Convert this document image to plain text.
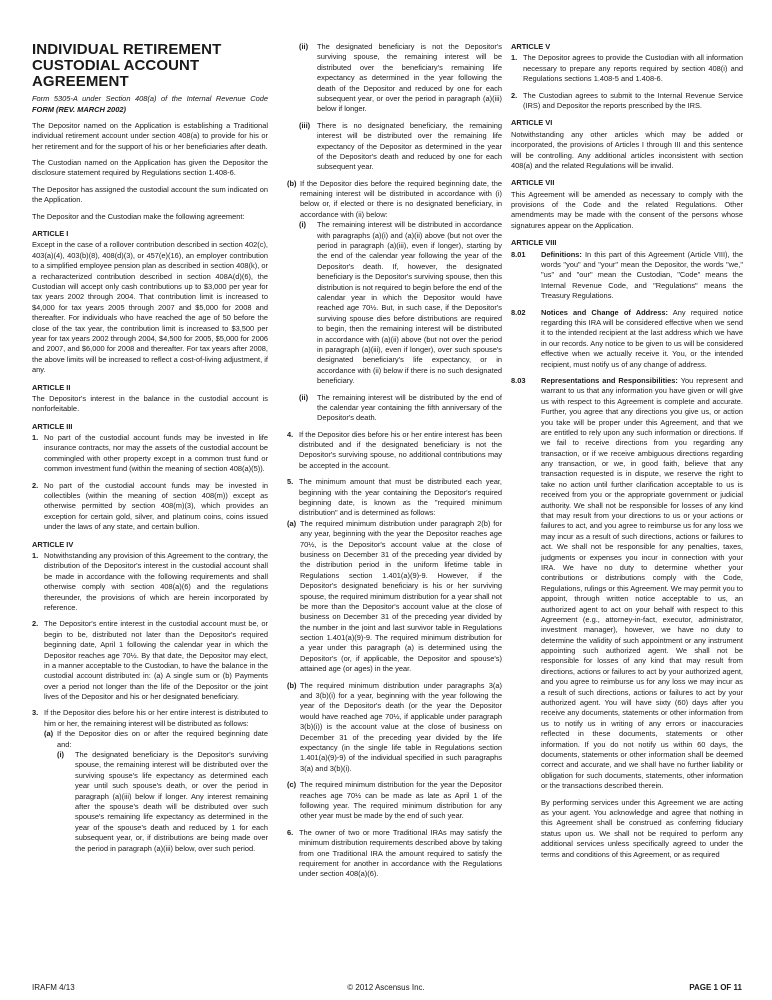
INDIVIDUAL RETIREMENT
CUSTODIAL ACCOUNT
AGREEMENT

Form 5305-A under Section 408(a) of the Internal Revenue Code FORM (REV. MARCH 2002)

The Depositor named on the Application is establishing a Traditional individual retirement account under section 408(a) to provide for his or her retirement and for the support of his or her beneficiaries after death.

The Custodian named on the Application has given the Depositor the disclosure statement required by Regulations section 1.408-6.

The Depositor has assigned the custodial account the sum indicated on the Application.

The Depositor and the Custodian make the following agreement:

ARTICLE I

Except in the case of a rollover contribution described in section 402(c), 403(a)(4), 403(b)(8), 408(d)(3), or 457(e)(16), an employer contribution to a simplified employee pension plan as described in section 408(k), or a recharacterized contribution described in section 408A(d)(6), the Custodian will accept only cash contributions up to $3,000 per year for tax years 2002 through 2004. That contribution limit is increased to $4,000 for tax years 2005 through 2007 and $5,000 for 2008 and thereafter. For individuals who have reached the age of 50 before the close of the tax year, the contribution limit is increased to $3,500 per year for tax years 2002 through 2004, $4,500 for 2005, $5,000 for 2006 and 2007, and $6,000 for 2008 and thereafter. For tax years after 2008, the above limits will be increased to reflect a cost-of-living adjustment, if any.

ARTICLE II

The Depositor's interest in the balance in the custodial account is nonforfeitable.

ARTICLE III
1. No part of the custodial account funds may be invested in life insurance contracts, nor may the assets of the custodial account be commingled with other property except in a common trust fund or common investment fund (within the meaning of section 408(a)(5)).
2. No part of the custodial account funds may be invested in collectibles (within the meaning of section 408(m)) except as otherwise permitted by section 408(m)(3), which provides an exception for certain gold, silver, and platinum coins, coins issued under the laws of any state, and certain bullion.
ARTICLE IV
1. Notwithstanding any provision of this Agreement to the contrary, the distribution of the Depositor's interest in the custodial account shall be made in accordance with the following requirements and shall otherwise comply with section 408(a)(6) and the regulations thereunder, the provisions of which are herein incorporated by reference.
2. The Depositor's entire interest in the custodial account must be, or begin to be, distributed not later than the Depositor's required beginning date, April 1 following the calendar year in which the Depositor reaches age 70½. By that date, the Depositor may elect, in a manner acceptable to the Custodian, to have the balance in the custodial account distributed in: (a) A single sum or (b) Payments over a period not longer than the life of the Depositor or the joint lives of the Depositor and his or her designated beneficiary.
3. If the Depositor dies before his or her entire interest is distributed to him or her, the remaining interest will be distributed as follows:
(a) If the Depositor dies on or after the required beginning date and:
(i)	The designated beneficiary is the Depositor's surviving spouse, the remaining interest will be distributed over the surviving spouse's life expectancy as determined each year until such spouse's death, or over the period in paragraph (a)(iii) below if longer. Any interest remaining after the spouse's death will be distributed over such spouse's remaining life expectancy as determined in the year of the spouse's death and reduced by 1 for each subsequent year, or, if distributions are being made over the period in paragraph (a)(iii) below, over such period.
(ii)	The designated beneficiary is not the Depositor's surviving spouse, the remaining interest will be distributed over the beneficiary's remaining life expectancy as determined in the year following the death of the Depositor and reduced by one for each subsequent year, or over the period in paragraph (a)(iii) below if longer.
(iii) There is no designated beneficiary, the remaining interest will be distributed over the remaining life expectancy of the Depositor as determined in the year of the Depositor's death and reduced by one for each subsequent year.
(b) If the Depositor dies before the required beginning date, the remaining interest will be distributed in accordance with (i) below or, if elected or there is no designated beneficiary, in accordance with (ii) below:
(i)	The remaining interest will be distributed in accordance with paragraphs (a)(i) and (a)(ii) above (but not over the period in paragraph (a)(iii), even if longer), starting by the end of the calendar year following the year of the Depositor's death. If, however, the designated beneficiary is the Depositor's surviving spouse, then this distribution is not required to begin before the end of the calendar year in which the Depositor would have reached age 70½. But, in such case, if the Depositor's surviving spouse dies before distributions are required to begin, then the remaining interest will be distributed in accordance with (a)(ii) above (but not over the period in paragraph (a)(iii), even if longer), over such spouse's designated beneficiary's life expectancy, or in accordance with (ii) below if there is no such designated beneficiary.
(ii)	The remaining interest will be distributed by the end of the calendar year containing the fifth anniversary of the Depositor's death.
4. If the Depositor dies before his or her entire interest has been distributed and if the designated beneficiary is not the Depositor's surviving spouse, no additional contributions may be accepted in the account.
5. The minimum amount that must be distributed each year, beginning with the year containing the Depositor's required beginning date, is known as the "required minimum distribution" and is determined as follows:
(a) The required minimum distribution under paragraph 2(b) for any year, beginning with the year the Depositor reaches age 70½, is the Depositor's account value at the close of business on December 31 of the preceding year divided by the distribution period in the uniform lifetime table in Regulations section 1.401(a)(9)-9. However, if the Depositor's designated beneficiary is his or her surviving spouse, the required minimum distribution for a year shall not be more than the Depositor's account value at the close of business on December 31 of the preceding year divided by the number in the joint and last survivor table in Regulations section 1.401(a)(9)-9. The required minimum distribution for a year under this paragraph (a) is determined using the Depositor's (or, if applicable, the Depositor and spouse's) attained age (or ages) in the year.
(b) The required minimum distribution under paragraphs 3(a) and 3(b)(i) for a year, beginning with the year following the year of the Depositor's death (or the year the Depositor would have reached age 70½, if applicable under paragraph 3(b)(i)) is the account value at the close of business on December 31 of the preceding year divided by the life expectancy (in the single life table in Regulations section 1.401(a)(9)-9) of the individual specified in such paragraphs 3(a) and 3(b)(i).
(c) The required minimum distribution for the year the Depositor reaches age 70½ can be made as late as April 1 of the following year. The required minimum distribution for any other year must be made by the end of such year.
6. The owner of two or more Traditional IRAs may satisfy the minimum distribution requirements described above by taking from one Traditional IRA the amount required to satisfy the requirement for another in accordance with the Regulations under section 408(a)(6).
ARTICLE V
1. The Depositor agrees to provide the Custodian with all information necessary to prepare any reports required by section 408(i) and Regulations sections 1.408-5 and 1.408-6.
2. The Custodian agrees to submit to the Internal Revenue Service (IRS) and Depositor the reports prescribed by the IRS.
ARTICLE VI

Notwithstanding any other articles which may be added or incorporated, the provisions of Articles I through III and this sentence will be controlling. Any additional articles inconsistent with section 408(a) and the related Regulations will be invalid.

ARTICLE VII

This Agreement will be amended as necessary to comply with the provisions of the Code and the related Regulations. Other amendments may be made with the consent of the persons whose signatures appear on the Application.

ARTICLE VIII
8.01	Definitions: In this part of this Agreement (Article VIII), the words "you" and "your" mean the Depositor, the words "we," "us" and "our" mean the Custodian, "Code" means the Internal Revenue Code, and "Regulations" means the Treasury Regulations.
8.02	Notices and Change of Address: Any required notice regarding this IRA will be considered effective when we send it to the intended recipient at the last address which we have in our records. Any notice to be given to us will be considered effective when we actually receive it. You, or the intended recipient, must notify us of any change of address.
8.03	Representations and Responsibilities: You represent and warrant to us that any information you have given or will give us with respect to this Agreement is complete and accurate. Further, you agree that any directions you give us, or action you take will be proper under this Agreement, and that we are entitled to rely upon any such information or directions. If we fail to receive directions from you regarding any transaction, or if we receive ambiguous directions regarding any transaction, or we, in good faith, believe that any transaction requested is in dispute, we reserve the right to take no action until further clarification acceptable to us is received from you or the appropriate government or judicial authority. We shall not be responsible for losses of any kind that may result from your directions to us or your actions or failures to act, and you agree to reimburse us for any loss we may incur as a result of such directions, actions or failures to act. We shall not be responsible for any penalties, taxes, judgments or expenses you incur in connection with your IRA. We have no duty to determine whether your contributions or distributions comply with the Code, Regulations, rulings or this Agreement. We may permit you to appoint, through written notice acceptable to us, an authorized agent to act on your behalf with respect to this Agreement (e.g., attorney-in-fact, executor, administrator, investment manager), however, we have no duty to determine the validity of such appointment or any instrument appointing such authorized agent. We shall not be responsible for losses of any kind that may result from directions, actions or failures to act by your authorized agent, and you agree to reimburse us for any loss we may incur as a result of such directions, actions or failures to act by your authorized agent. You will have sixty (60) days after you receive any documents, statements or other information from us to notify us in writing of any errors or inaccuracies reflected in these documents, statements or other information. If you do not notify us within 60 days, the documents, statements or other information shall be deemed correct and accurate, and we shall have no further liability or obligation for such documents, statements, other information or the transactions described therein.

By performing services under this Agreement we are acting as your agent. You acknowledge and agree that nothing in this Agreement shall be construed as conferring fiduciary status upon us. We shall not be required to perform any additional services unless specifically agreed to under the terms and conditions of this Agreement, or as required

© 2012 Ascensus Inc.
IRAFM 4/13	PAGE 1 OF 11
